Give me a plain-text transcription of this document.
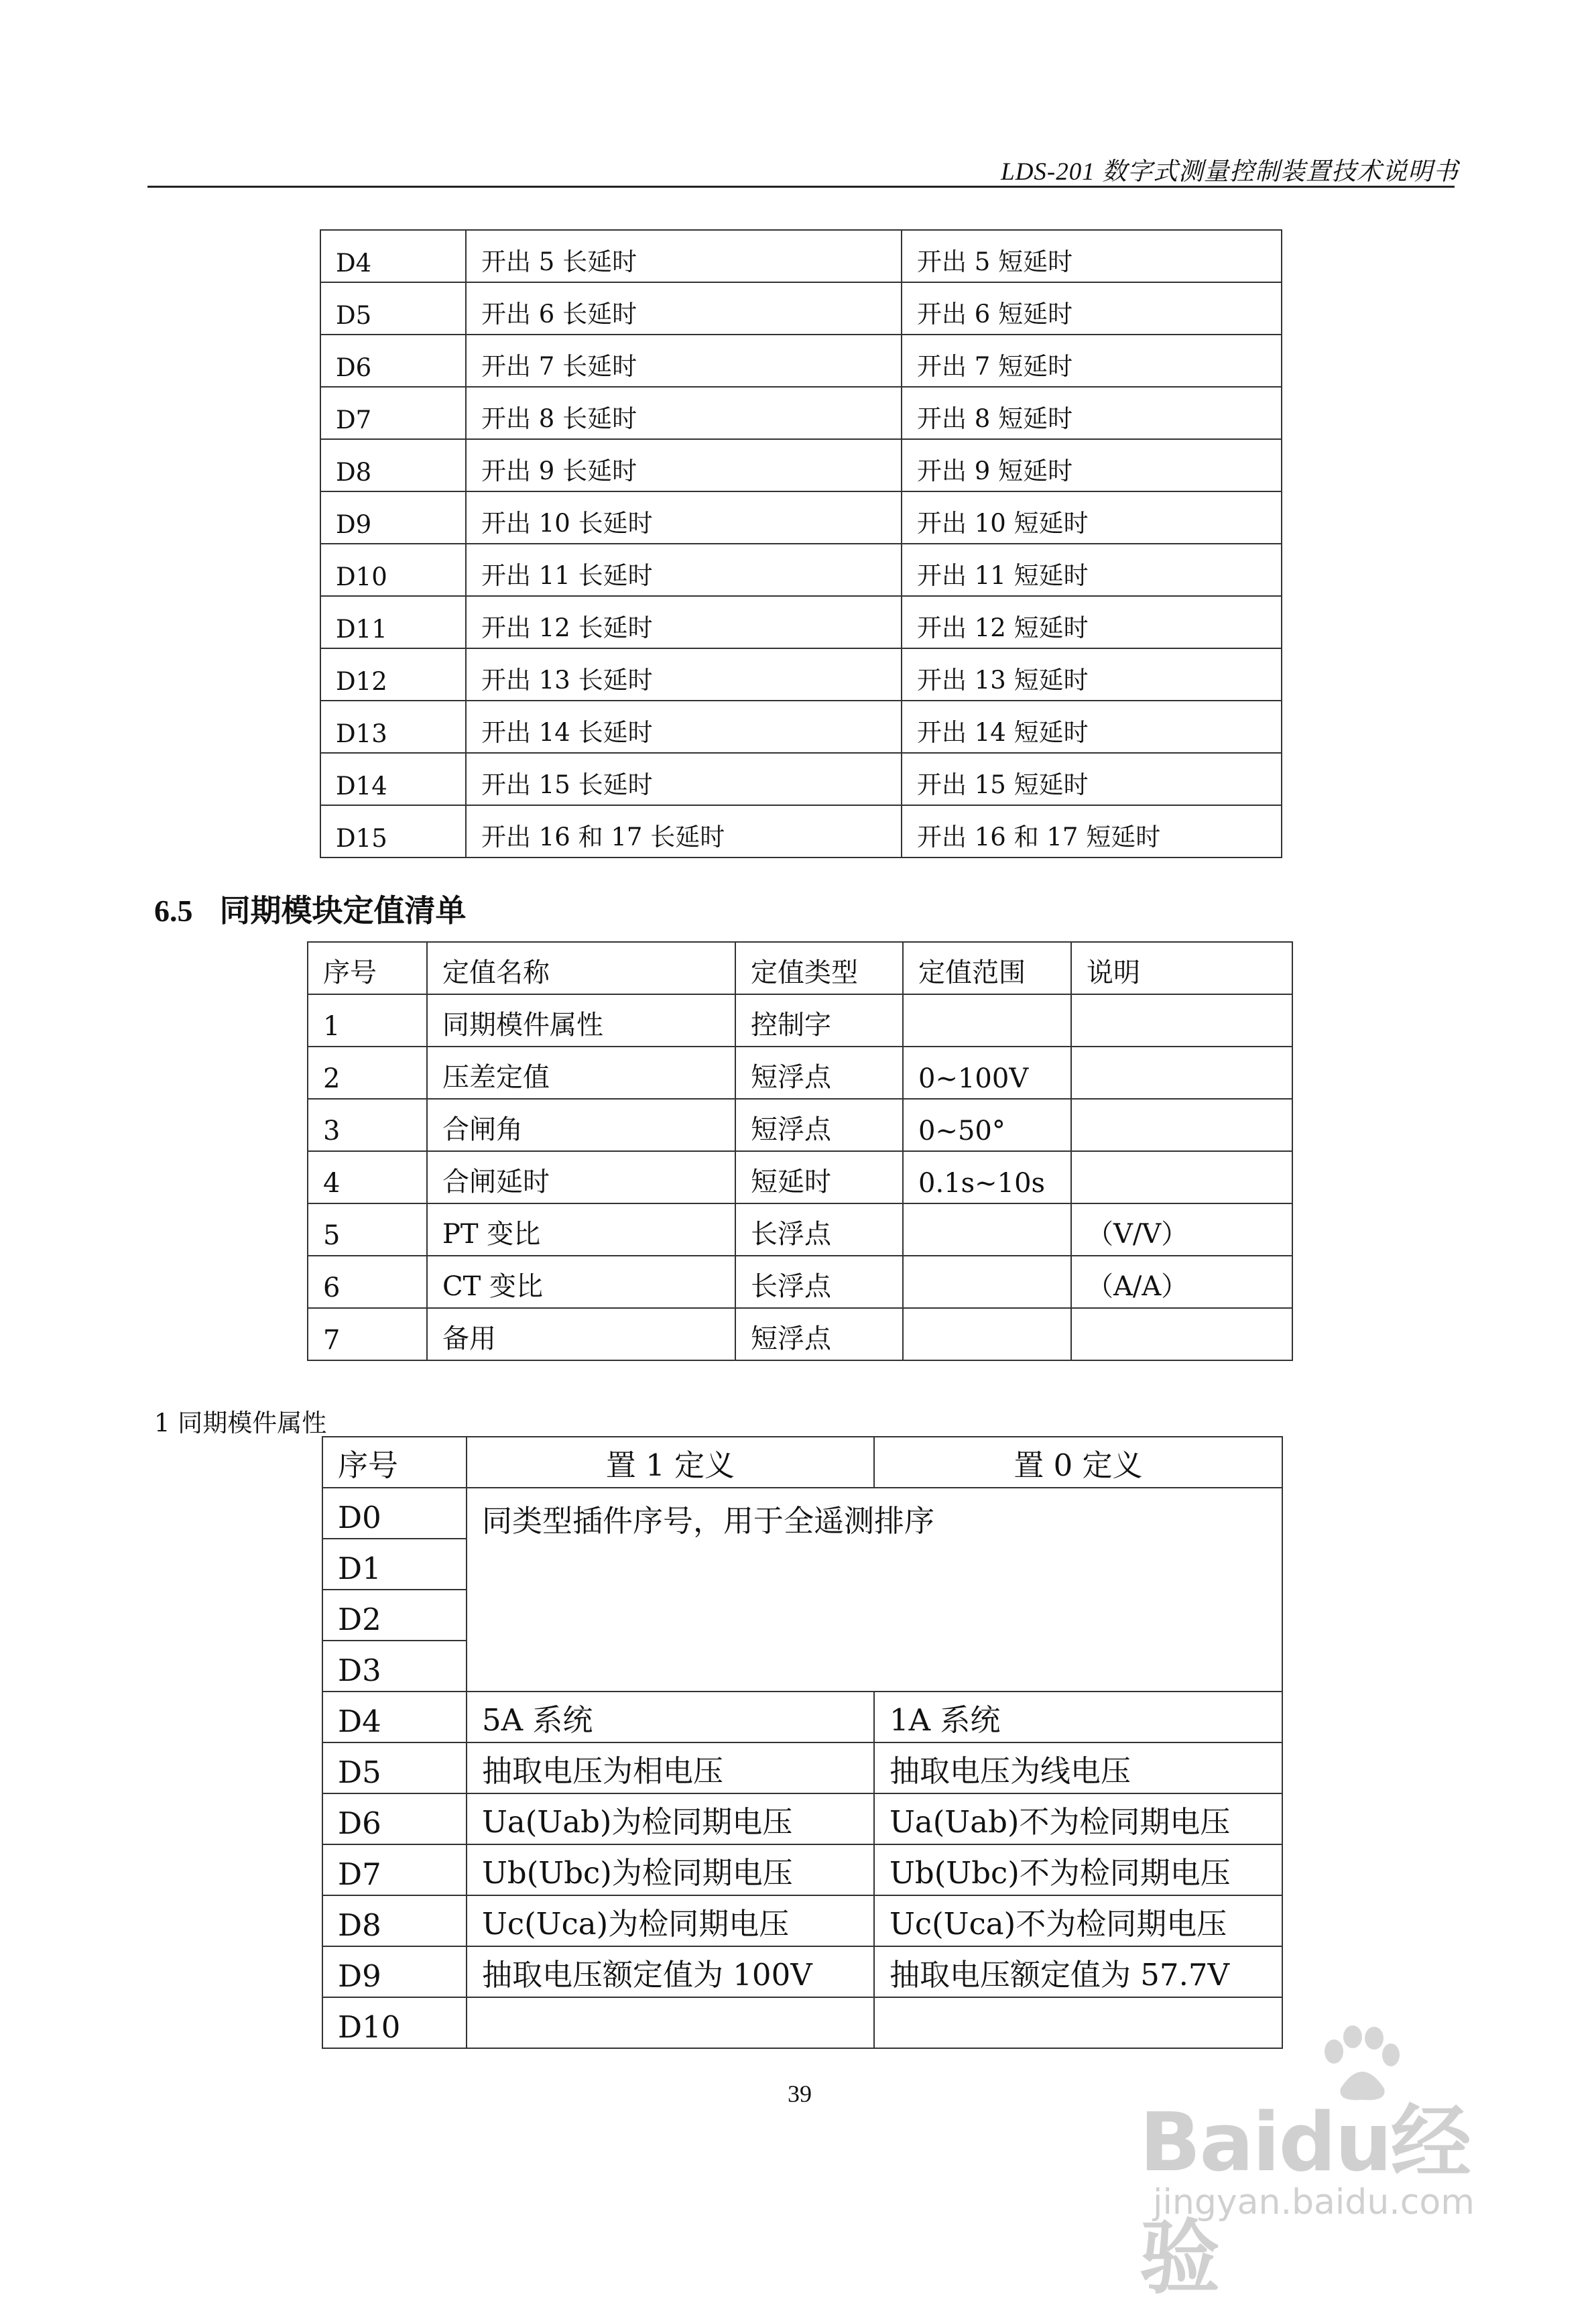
LDS-201 数字式测量控制装置技术说明书
D4	开出 5 长延时	开出 5 短延时
D5	开出 6 长延时	开出 6 短延时
D6	开出 7 长延时	开出 7 短延时
D7	开出 8 长延时	开出 8 短延时
D8	开出 9 长延时	开出 9 短延时
D9	开出 10 长延时	开出 10 短延时
D10	开出 11 长延时	开出 11 短延时
D11	开出 12 长延时	开出 12 短延时
D12	开出 13 长延时	开出 13 短延时
D13	开出 14 长延时	开出 14 短延时
D14	开出 15 长延时	开出 15 短延时
D15	开出 16 和 17 长延时	开出 16 和 17 短延时
6.5 同期模块定值清单
序号	定值名称	定值类型	定值范围	说明
1	同期模件属性	控制字		
2	压差定值	短浮点	0~100V	
3	合闸角	短浮点	0~50°	
4	合闸延时	短延时	0.1s~10s	
5	PT 变比	长浮点		（V/V）
6	CT 变比	长浮点		（A/A）
7	备用	短浮点		
1 同期模件属性
序号	置 1 定义	置 0 定义
D0	同类型插件序号，用于全遥测排序	
D1		
D2		
D3		
D4	5A 系统	1A 系统
D5	抽取电压为相电压	抽取电压为线电压
D6	Ua(Uab)为检同期电压	Ua(Uab)不为检同期电压
D7	Ub(Ubc)为检同期电压	Ub(Ubc)不为检同期电压
D8	Uc(Uca)为检同期电压	Uc(Uca)不为检同期电压
D9	抽取电压额定值为 100V	抽取电压额定值为 57.7V
D10		
39
Baidu经验
jingyan.baidu.com
